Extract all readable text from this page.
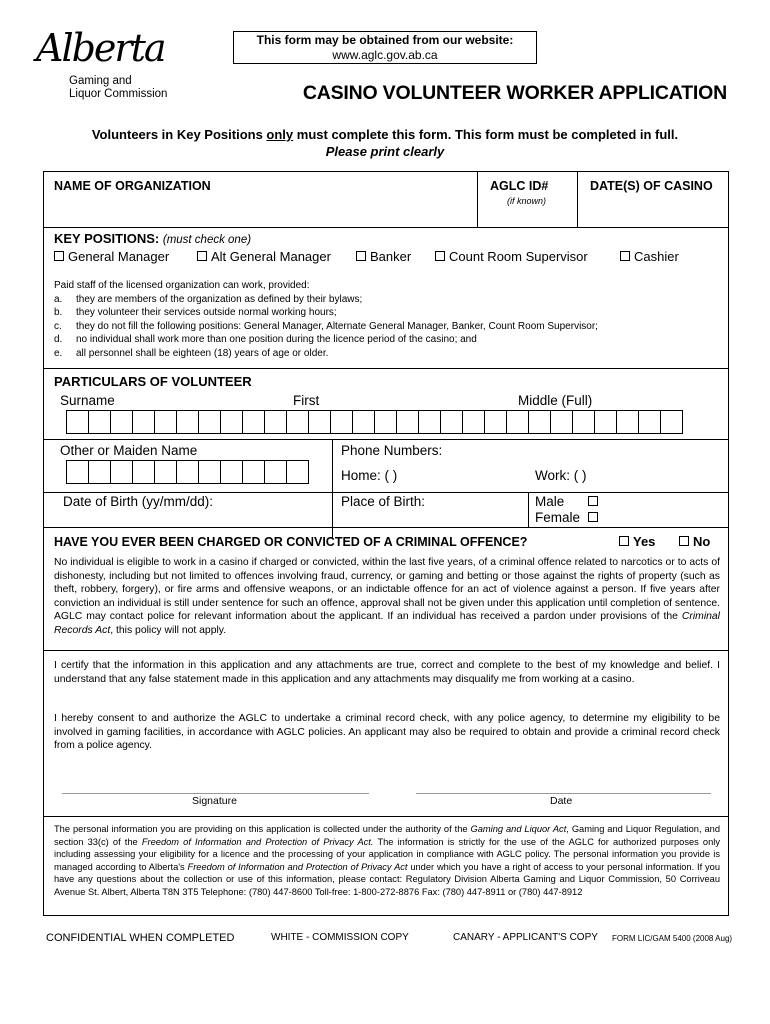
This form may be obtained from our website:
www.aglc.gov.ab.ca
Alberta
Gaming and
Liquor Commission	CASINO VOLUNTEER WORKER APPLICATION
Volunteers in Key Positions only must complete this form. This form must be completed in full.
Please print clearly
NAME OF ORGANIZATION	AGLC ID#
(if known)
DATE(S) OF CASINO
KEY POSITIONS: (must check one)
General Manager	Alt General Manager	Banker	Count Room Supervisor	Cashier
Paid staff of the licensed organization can work, provided:
a. they are members of the organization as defined by their bylaws;
b. they volunteer their services outside normal working hours;
c. they do not fill the following positions: General Manager, Alternate General Manager, Banker, Count Room Supervisor;
d. no individual shall work more than one position during the licence period of the casino; and
e. all personnel shall be eighteen (18) years of age or older.
PARTICULARS OF VOLUNTEER
Surname	First	Middle (Full)
Other or Maiden Name	Phone Numbers:
Home: ( )	Work: ( )
Date of Birth (yy/mm/dd):	Place of Birth:	Male
Female
HAVE YOU EVER BEEN CHARGED OR CONVICTED OF A CRIMINAL OFFENCE?	Yes	No
No individual is eligible to work in a casino if charged or convicted, within the last five years, of a criminal offence related to narcotics or to acts of dishonesty, including but not limited to offences involving fraud, currency, or gaming and betting or those against the rights of property (such as theft, robbery, forgery), or fire arms and offensive weapons, or an indictable offence for an act of violence against a person. If five years after conviction an individual is still under sentence for such an offence, approval shall not be given under this application until completion of sentence. AGLC may contact police for relevant information about the applicant. If an individual has received a pardon under provisions of the Criminal Records Act, this policy will not apply.
I certify that the information in this application and any attachments are true, correct and complete to the best of my knowledge and belief. I understand that any false statement made in this application and any attachments may disqualify me from working at a casino.
I hereby consent to and authorize the AGLC to undertake a criminal record check, with any police agency, to determine my eligibility to be involved in gaming facilities, in accordance with AGLC policies. An applicant may also be required to obtain and provide a criminal record check from a police agency.
Signature	Date
The personal information you are providing on this application is collected under the authority of the Gaming and Liquor Act, Gaming and Liquor Regulation, and section 33(c) of the Freedom of Information and Protection of Privacy Act. The information is strictly for the use of the AGLC for authorized purposes only including assessing your eligibility for a licence and the processing of your application in compliance with AGLC policy. The personal information you provide is managed according to Alberta's Freedom of Information and Protection of Privacy Act under which you have a right of access to your personal information. If you have any questions about the collection or use of this information, please contact: Regulatory Division Alberta Gaming and Liquor Commission, 50 Corriveau Avenue St. Albert, Alberta T8N 3T5 Telephone: (780) 447-8600 Toll-free: 1-800-272-8876 Fax: (780) 447-8911 or (780) 447-8912
CONFIDENTIAL WHEN COMPLETED	WHITE - COMMISSION COPY	CANARY - APPLICANT'S COPY FORM LIC/GAM 5400 (2008 Aug)
